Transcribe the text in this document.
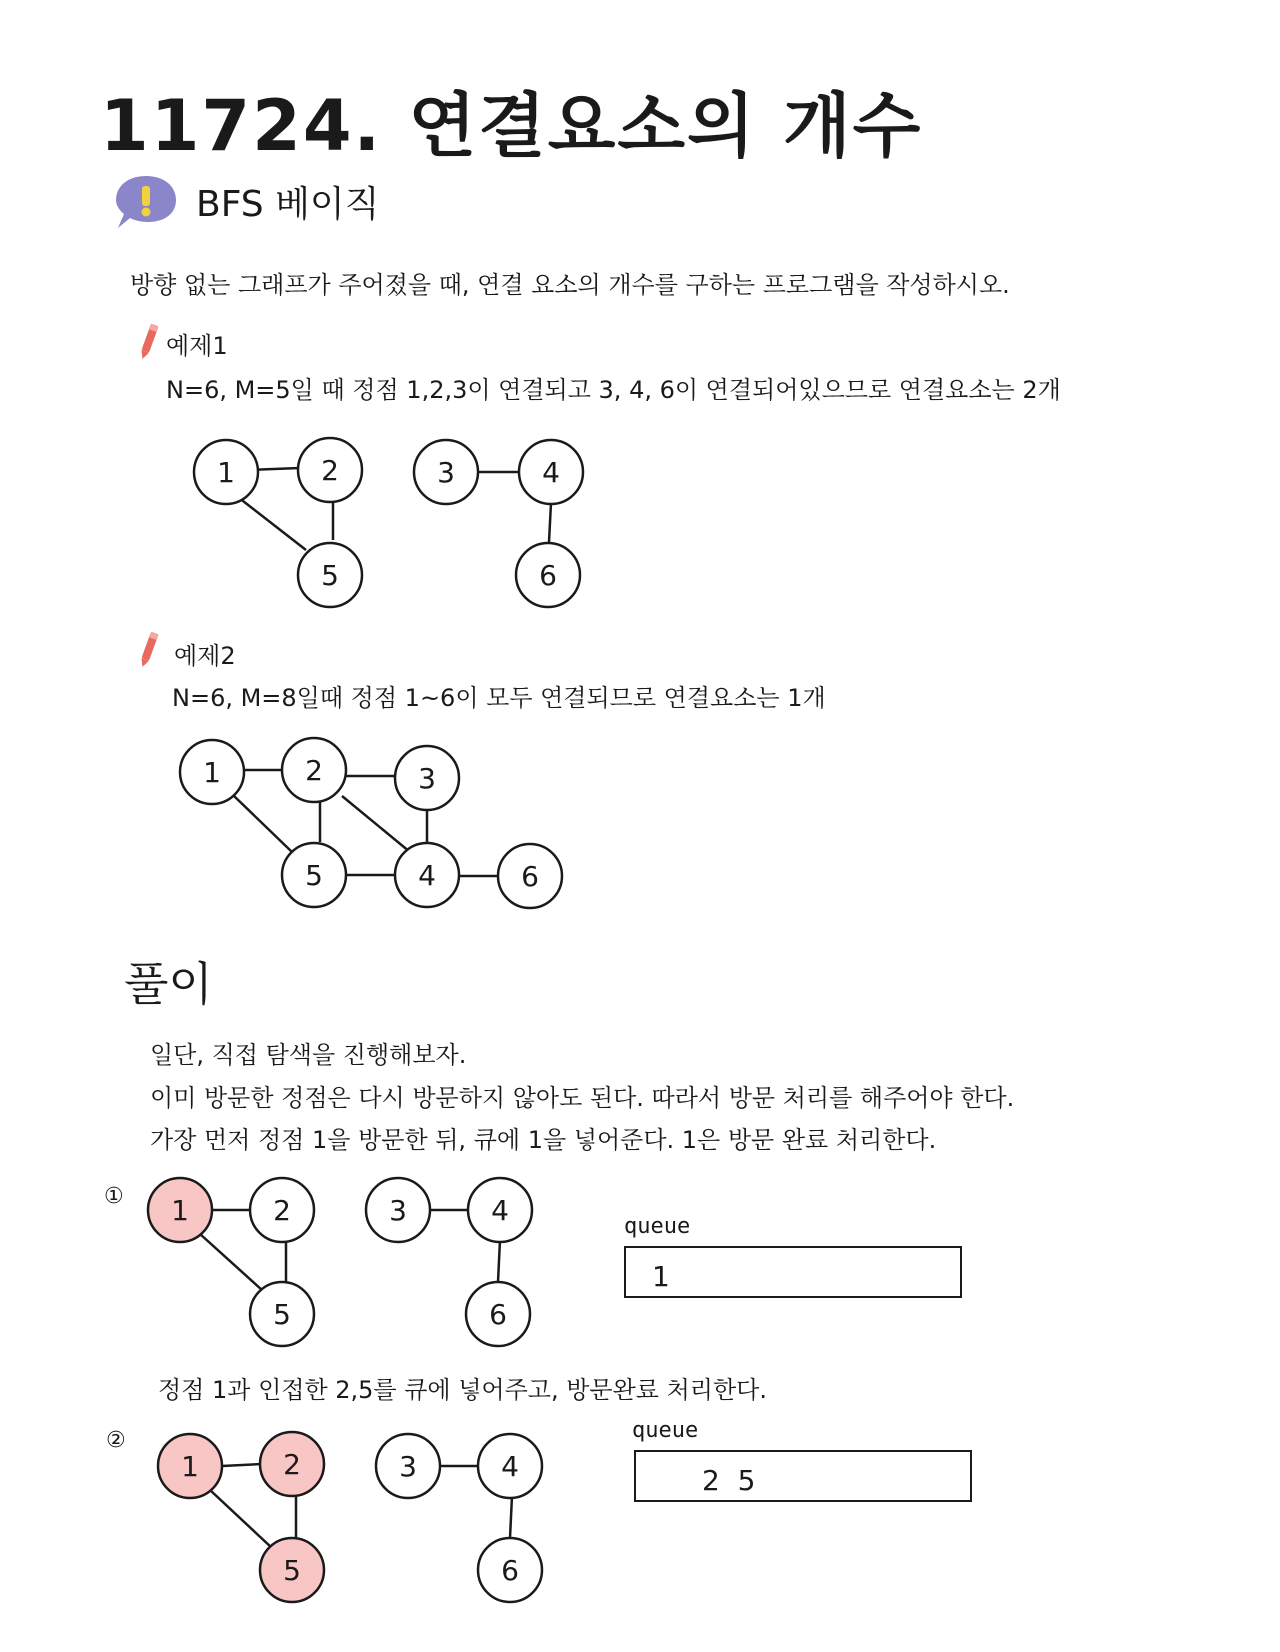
11724. 연결요소의 개수
BFS 베이직
방향 없는 그래프가 주어졌을 때, 연결 요소의 개수를 구하는 프로그램을 작성하시오.
예제1
N=6, M=5일 때 정점 1,2,3이 연결되고 3, 4, 6이 연결되어있으므로 연결요소는 2개
1	2
5
3	4
6
예제2
N=6, M=8일때 정점 1~6이 모두 연결되므로 연결요소는 1개
1	2	3
5	4	6
풀이
일단, 직접 탐색을 진행해보자.
이미 방문한 정점은 다시 방문하지 않아도 된다. 따라서 방문 처리를 해주어야 한다.
가장 먼저 정점 1을 방문한 뒤, 큐에 1을 넣어준다. 1은 방문 완료 처리한다.
① 1	2
5
3	4
6
queue
1
정점 1과 인접한 2,5를 큐에 넣어주고, 방문완료 처리한다.
②
1	2
5
3	4
6
queue
2  5
